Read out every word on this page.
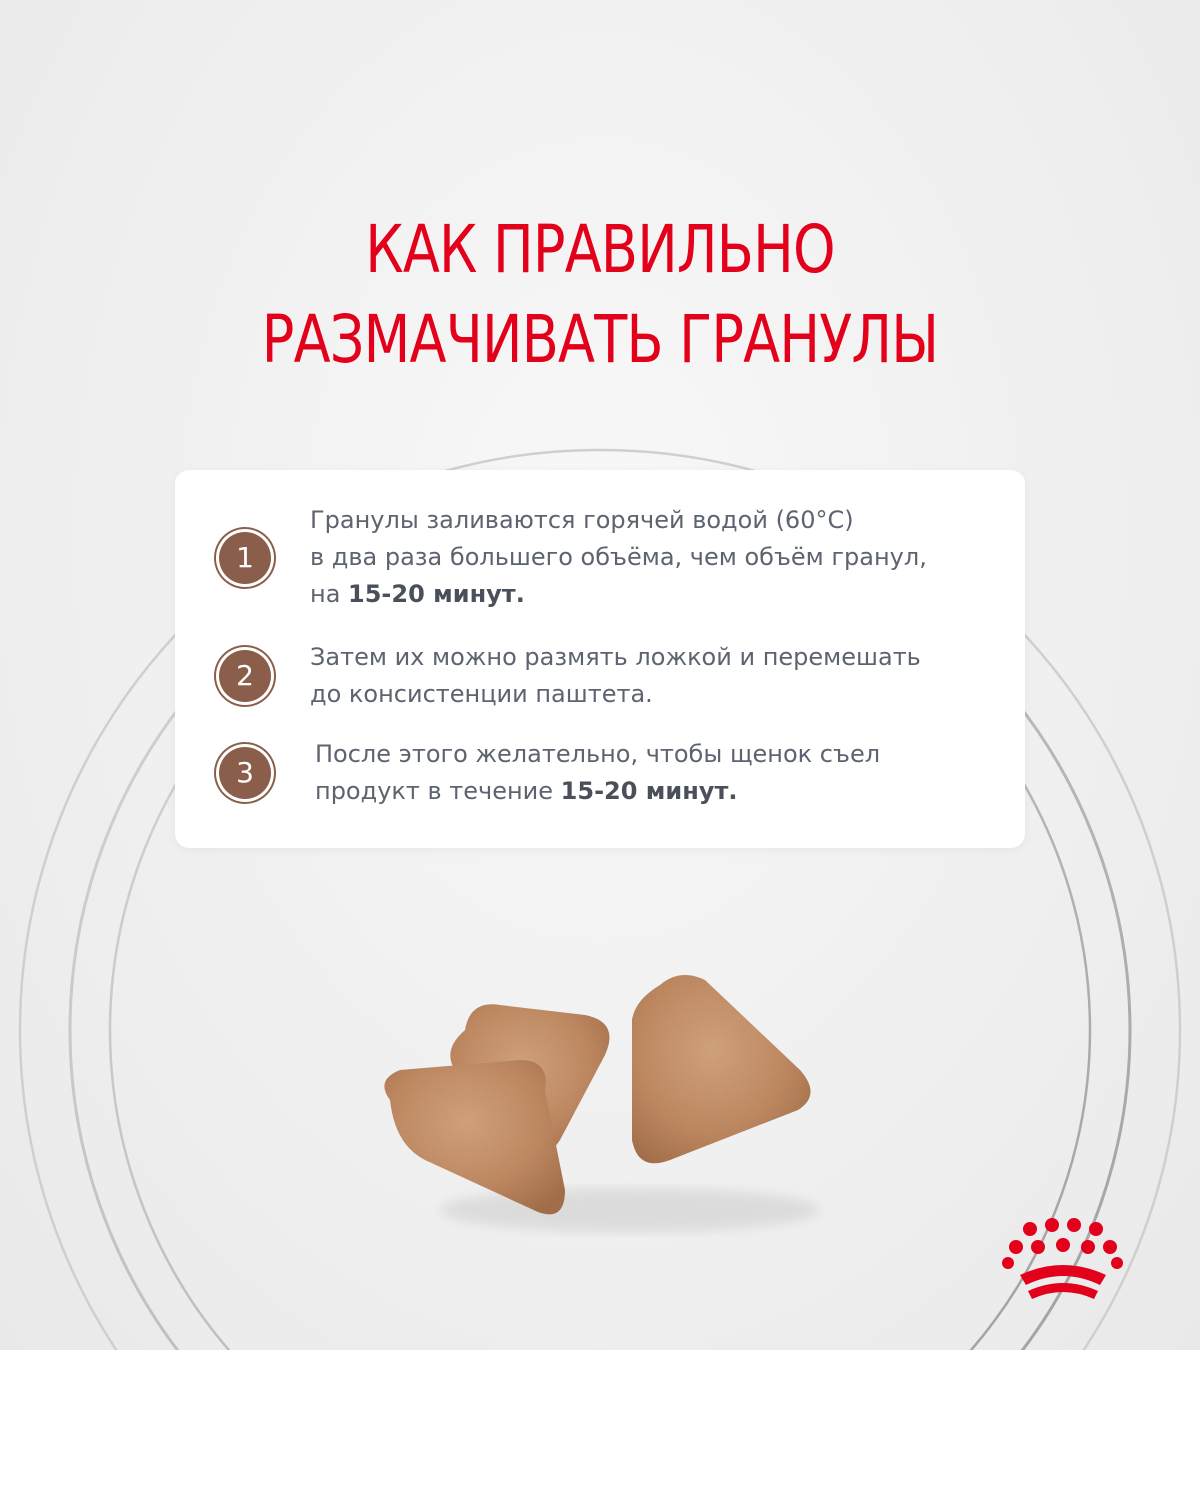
КАК ПРАВИЛЬНО
РАЗМАЧИВАТЬ ГРАНУЛЫ
1
Гранулы заливаются горячей водой (60°C)
в два раза большего объёма, чем объём гранул,
на 15-20 минут.
2
Затем их можно размять ложкой и перемешать
до консистенции паштета.
3
После этого желательно, чтобы щенок съел
продукт в течение 15-20 минут.
